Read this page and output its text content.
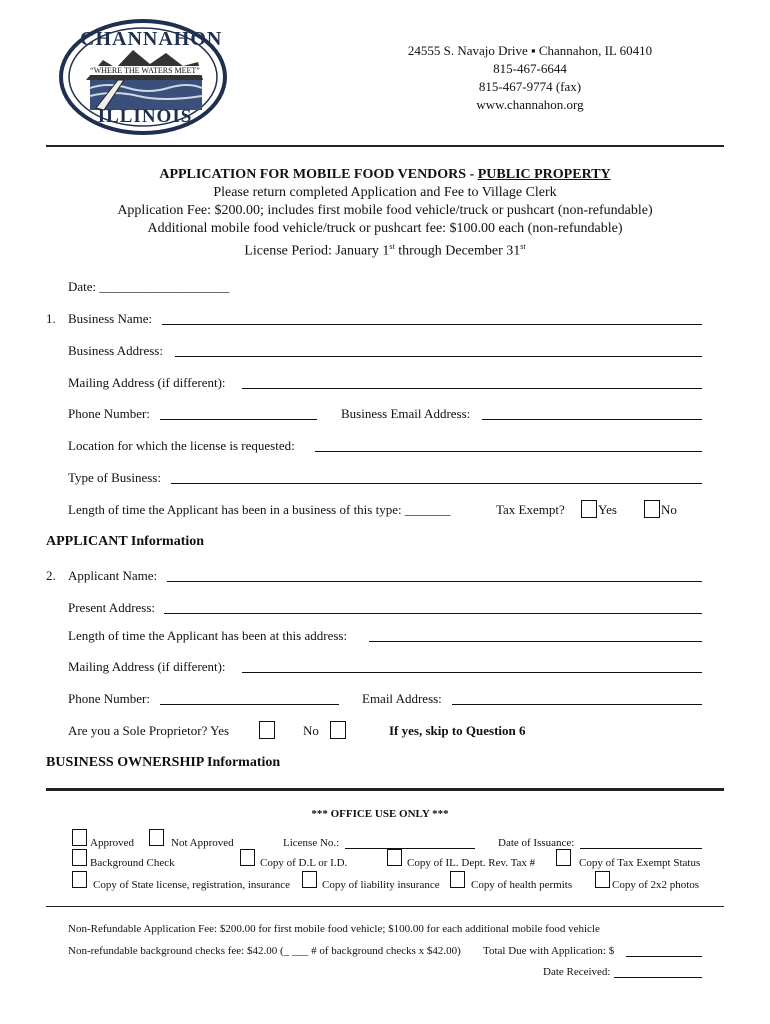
CHANNAHON
“WHERE THE WATERS MEET”
ILLINOIS
24555 S. Navajo Drive ▪ Channahon, IL 60410
815-467-6644
815-467-9774 (fax)
www.channahon.org
APPLICATION FOR MOBILE FOOD VENDORS - PUBLIC PROPERTY
Please return completed Application and Fee to Village Clerk
Application Fee: $200.00; includes first mobile food vehicle/truck or pushcart (non-refundable)
Additional mobile food vehicle/truck or pushcart fee: $100.00 each (non-refundable)
License Period: January 1st through December 31st
Date: ____________________
1. Business Name:
Business Address:
Mailing Address (if different):
Phone Number:	Business Email Address:
Location for which the license is requested:
Type of Business:
Length of time the Applicant has been in a business of this type: _______	Tax Exempt?	Yes	No
APPLICANT Information
2. Applicant Name:
Present Address:
Length of time the Applicant has been at this address:
Mailing Address (if different):
Phone Number:	Email Address:
Are you a Sole Proprietor? Yes	No	If yes, skip to Question 6
BUSINESS OWNERSHIP Information
*** OFFICE USE ONLY ***
Approved	Not Approved	License No.:	Date of Issuance:
Background Check	Copy of D.L or I.D.	Copy of IL. Dept. Rev. Tax #	Copy of Tax Exempt Status
Copy of State license, registration, insurance	Copy of liability insurance	Copy of health permits	Copy of 2x2 photos
Non-Refundable Application Fee: $200.00 for first mobile food vehicle; $100.00 for each additional mobile food vehicle
Non-refundable background checks fee: $42.00 (_ ___ # of background checks x $42.00) Total Due with Application: $
Date Received:
